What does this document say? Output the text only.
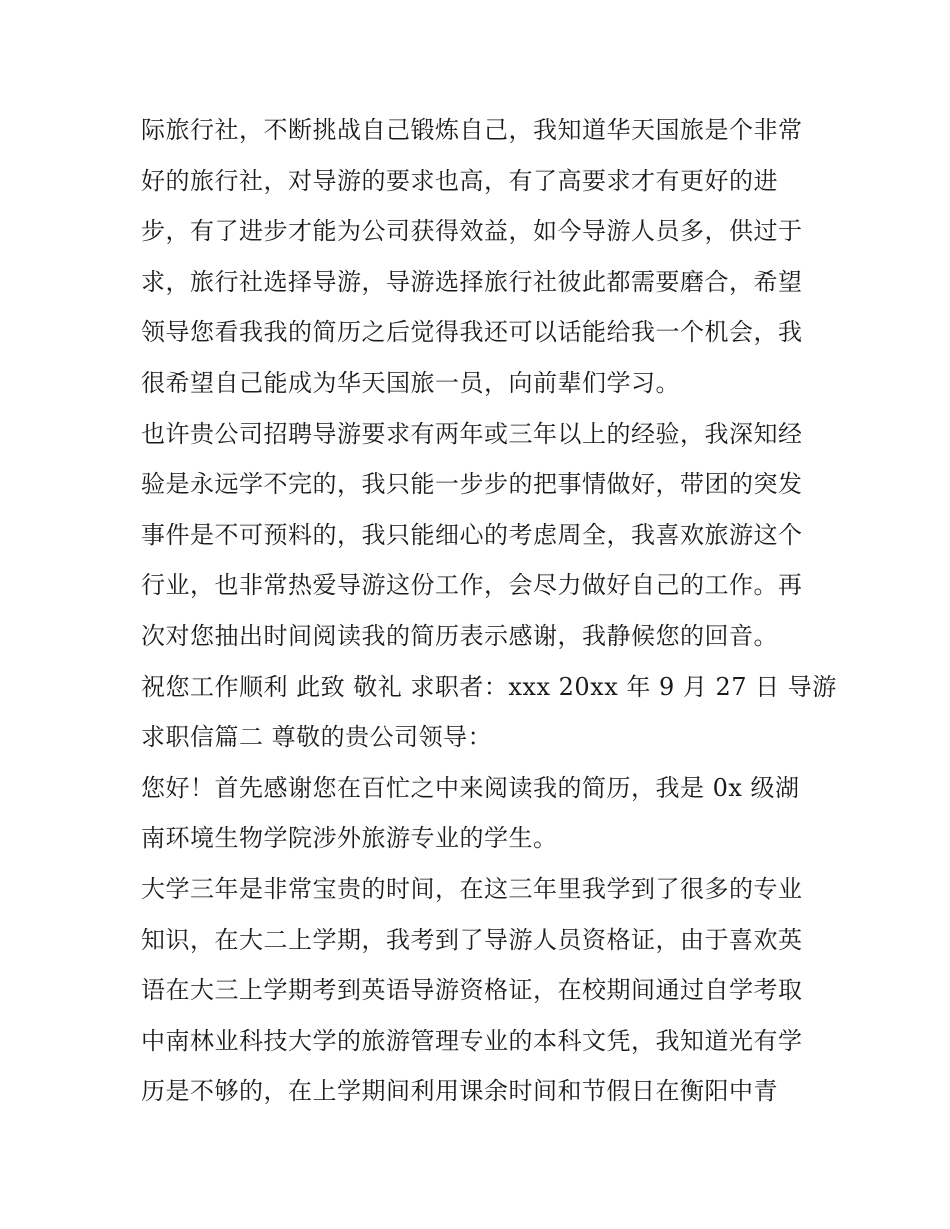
际旅行社，不断挑战自己锻炼自己，我知道华天国旅是个非常
好的旅行社，对导游的要求也高，有了高要求才有更好的进
步，有了进步才能为公司获得效益，如今导游人员多，供过于
求，旅行社选择导游，导游选择旅行社彼此都需要磨合，希望
领导您看我我的简历之后觉得我还可以话能给我一个机会，我
很希望自己能成为华天国旅一员，向前辈们学习。
也许贵公司招聘导游要求有两年或三年以上的经验，我深知经
验是永远学不完的，我只能一步步的把事情做好，带团的突发
事件是不可预料的，我只能细心的考虑周全，我喜欢旅游这个
行业，也非常热爱导游这份工作，会尽力做好自己的工作。再
次对您抽出时间阅读我的简历表示感谢，我静候您的回音。
祝您工作顺利 此致 敬礼 求职者：xxx 20xx 年 9 月 27 日 导游
求职信篇二 尊敬的贵公司领导：
您好！首先感谢您在百忙之中来阅读我的简历，我是 0x 级湖
南环境生物学院涉外旅游专业的学生。
大学三年是非常宝贵的时间，在这三年里我学到了很多的专业
知识，在大二上学期，我考到了导游人员资格证，由于喜欢英
语在大三上学期考到英语导游资格证，在校期间通过自学考取
中南林业科技大学的旅游管理专业的本科文凭，我知道光有学
历是不够的，在上学期间利用课余时间和节假日在衡阳中青
